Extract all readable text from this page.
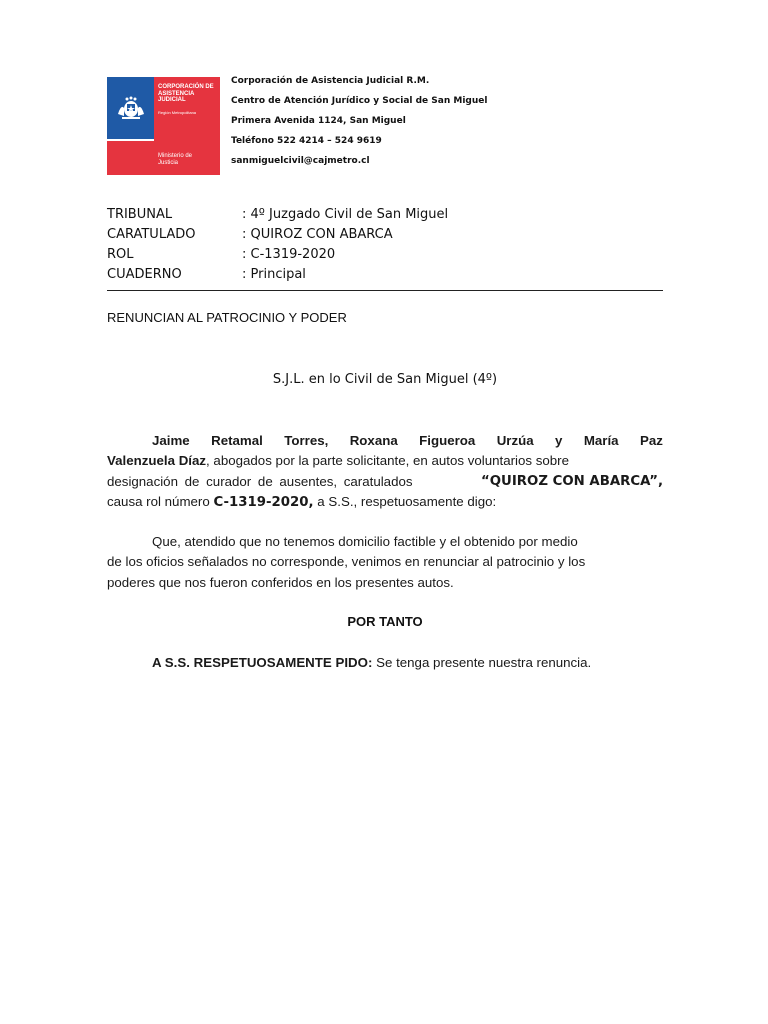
CORPORACIÓN DE
ASISTENCIA
JUDICIAL
Región Metropolitana
Ministerio de
Justicia
Corporación de Asistencia Judicial R.M.
Centro de Atención Jurídico y Social de San Miguel
Primera Avenida 1124, San Miguel
Teléfono 522 4214 – 524 9619
sanmiguelcivil@cajmetro.cl
TRIBUNAL	: 4º Juzgado Civil de San Miguel
CARATULADO	: QUIROZ CON ABARCA
ROL	: C-1319-2020
CUADERNO	: Principal
RENUNCIAN AL PATROCINIO Y PODER
S.J.L. en lo Civil de San Miguel (4º)
Jaime Retamal Torres, Roxana Figueroa Urzúa y María Paz
Valenzuela Díaz, abogados por la parte solicitante, en autos voluntarios sobre
designación de curador de ausentes, caratulados	“QUIROZ CON ABARCA”,
causa rol número C-1319-2020, a S.S., respetuosamente digo:
Que, atendido que no tenemos domicilio factible y el obtenido por medio
de los oficios señalados no corresponde, venimos en renunciar al patrocinio y los
poderes que nos fueron conferidos en los presentes autos.
POR TANTO
A S.S. RESPETUOSAMENTE PIDO: Se tenga presente nuestra renuncia.
